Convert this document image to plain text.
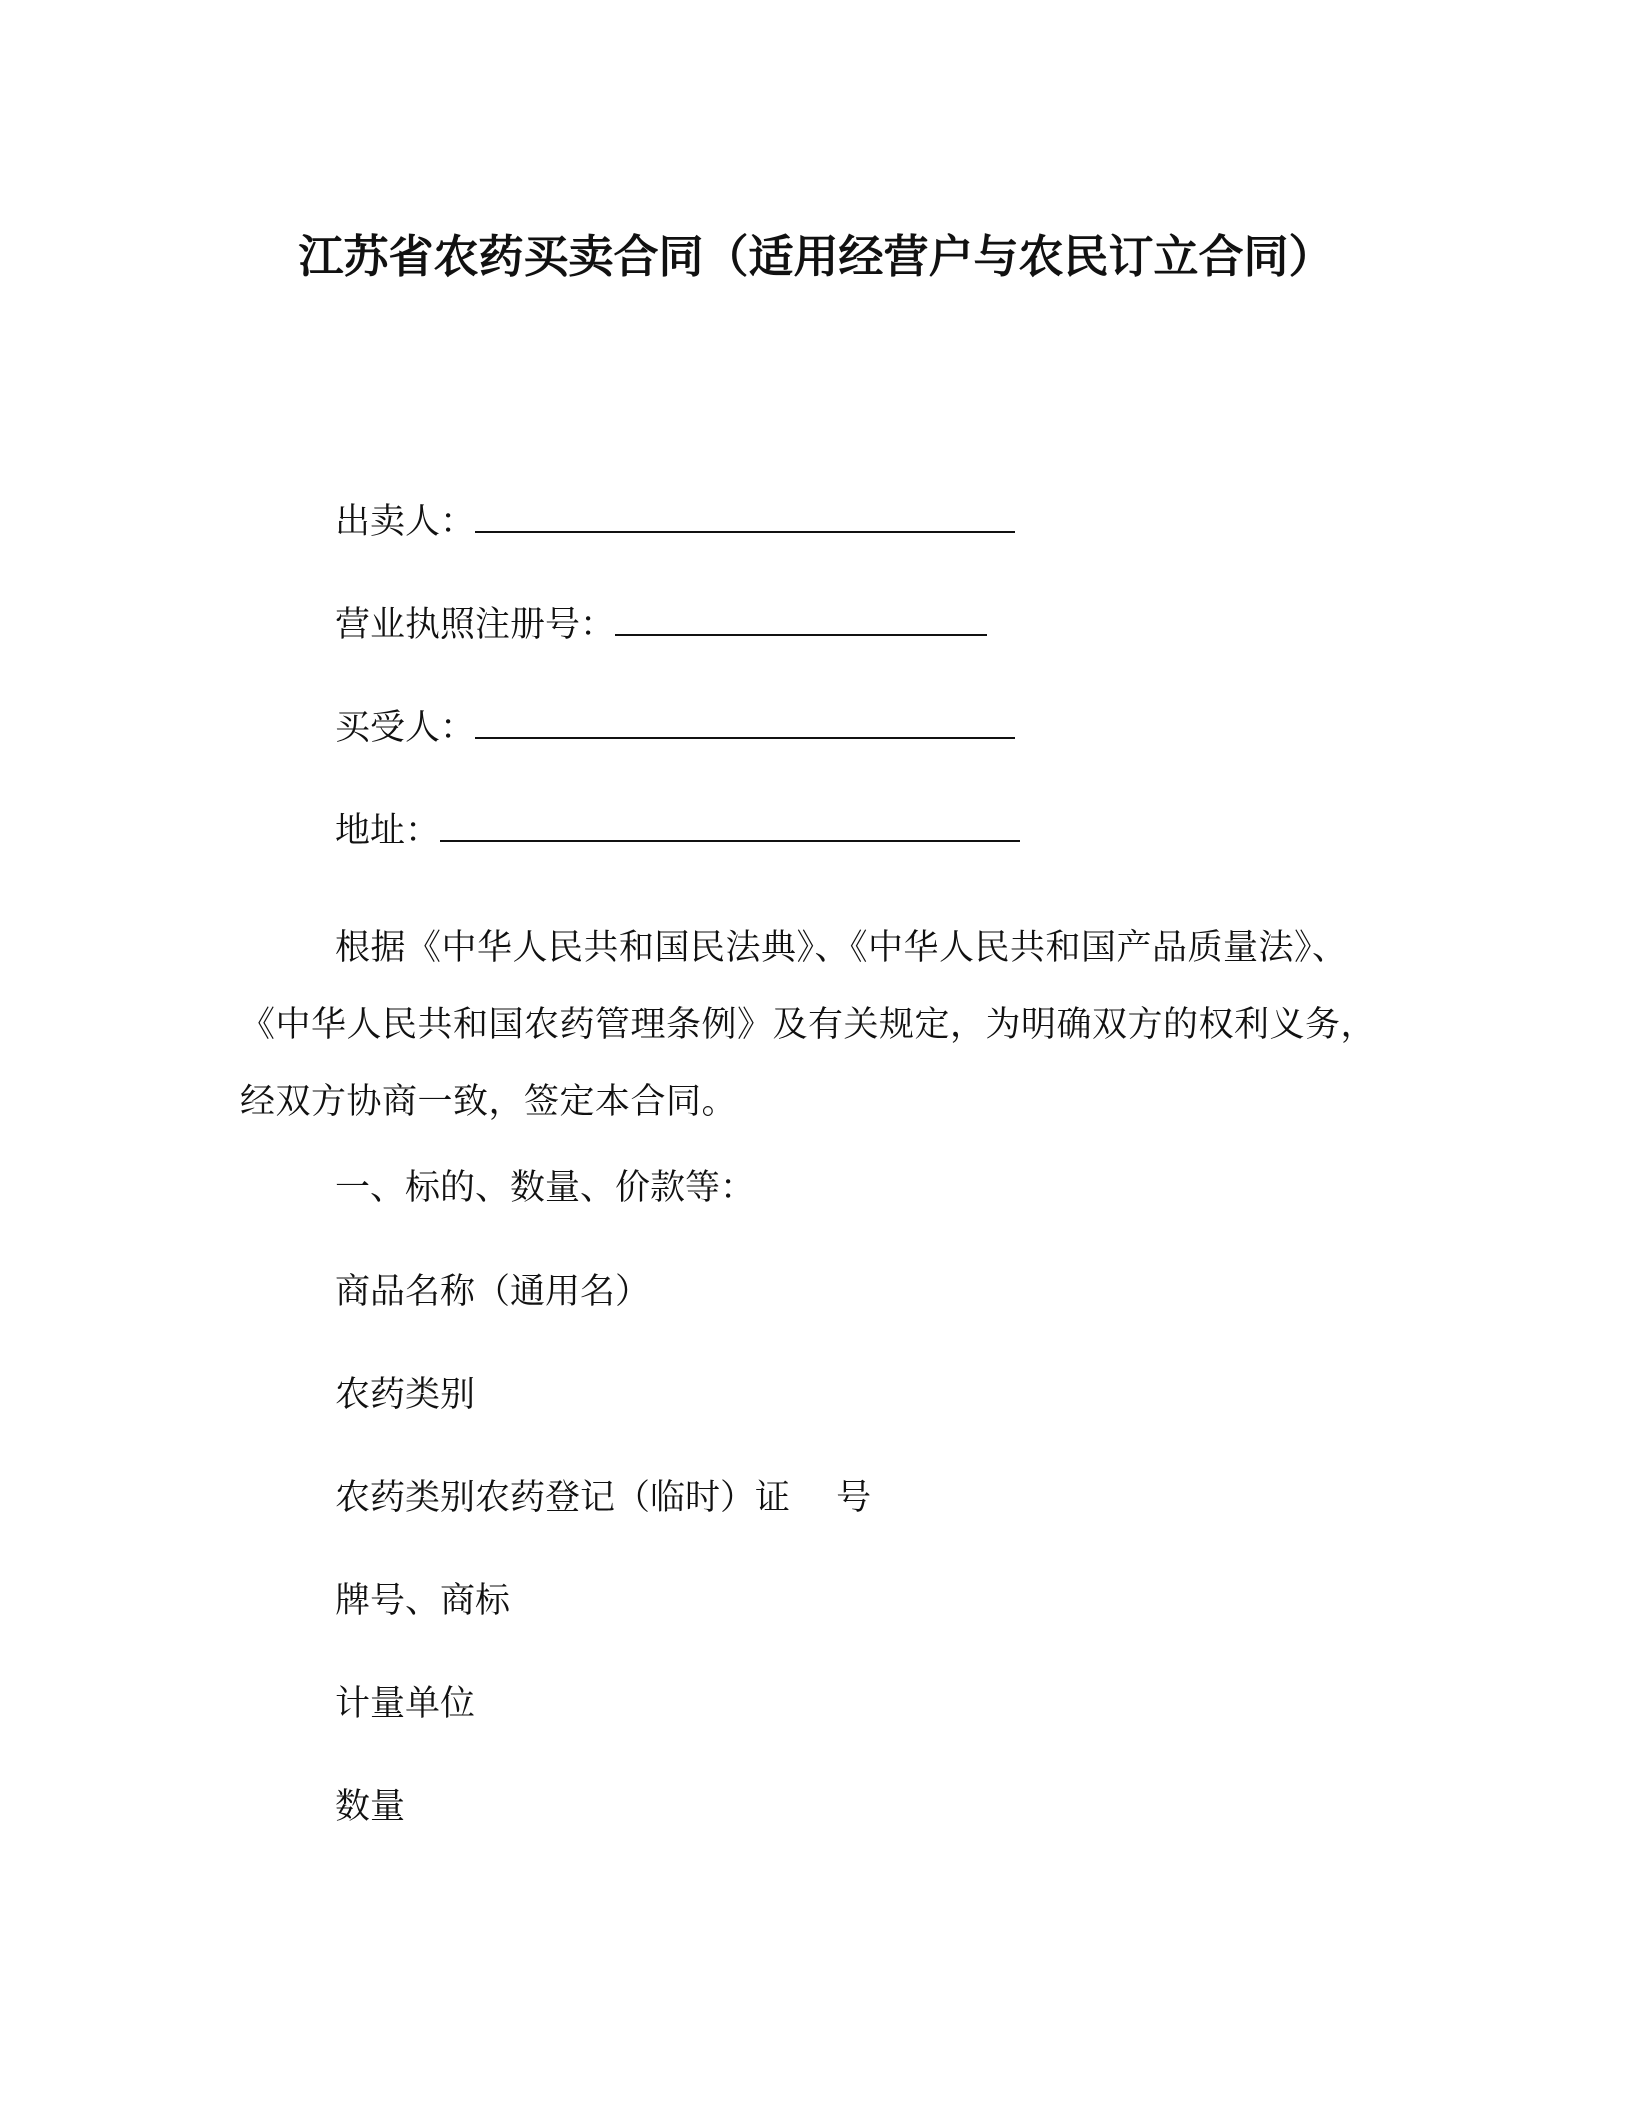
江苏省农药买卖合同（适用经营户与农民订立合同）
出卖人：
营业执照注册号：
买受人：
地址：
根据《中华人民共和国民法典》、《中华人民共和国产品质量法》、《中华人民共和国农药管理条例》及有关规定，为明确双方的权利义务，经双方协商一致，签定本合同。
一、标的、数量、价款等：
商品名称（通用名）
农药类别
农药类别农药登记（临时）证　 号
牌号、商标
计量单位
数量
